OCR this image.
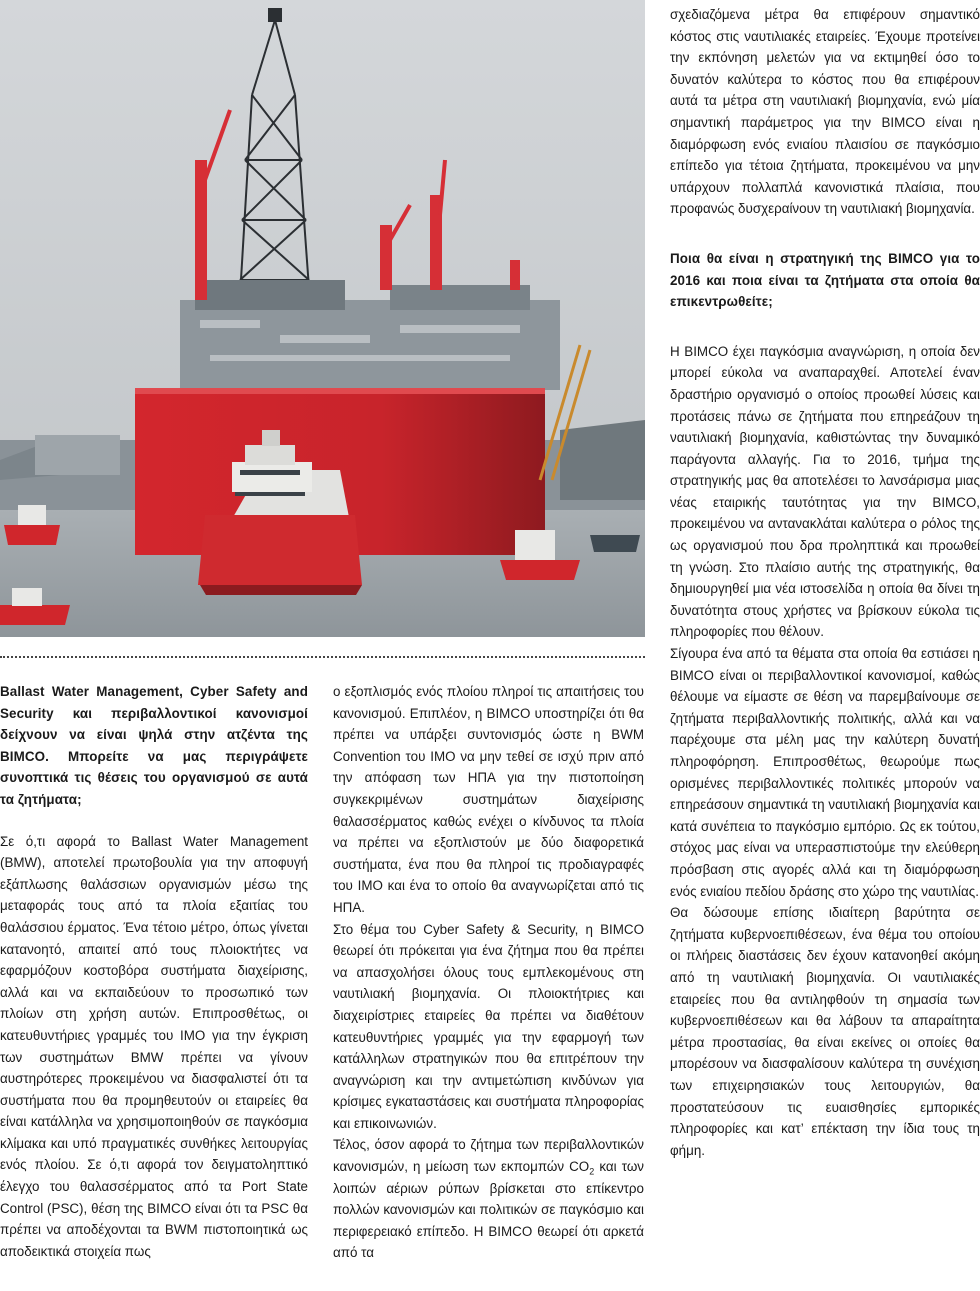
Ballast Water Management, Cyber Safety and Security και περιβαλλοντικοί κανονισμοί δείχνουν να είναι ψηλά στην ατζέντα της BIMCO. Μπορείτε να μας περιγράψετε συνοπτικά τις θέσεις του οργανισμού σε αυτά τα ζητήματα;

Σε ό,τι αφορά το Ballast Water Management (BMW), αποτελεί πρωτοβουλία για την αποφυγή εξάπλωσης θαλάσσιων οργανισμών μέσω της μεταφοράς τους από τα πλοία εξαιτίας του θαλάσσιου έρματος. Ένα τέτοιο μέτρο, όπως γίνεται κατανοητό, απαιτεί από τους πλοιοκτήτες να εφαρμόζουν κοστοβόρα συστήματα διαχείρισης, αλλά και να εκπαιδεύουν το προσωπικό των πλοίων στη χρήση αυτών. Επιπροσθέτως, οι κατευθυντήριες γραμμές του IMO για την έγκριση των συστημάτων BMW πρέπει να γίνουν αυστηρότερες προκειμένου να διασφαλιστεί ότι τα συστήματα που θα προμηθευτούν οι εταιρείες θα είναι κατάλληλα να χρησιμοποιηθούν σε παγκόσμια κλίμακα και υπό πραγματικές συνθήκες λειτουργίας ενός πλοίου. Σε ό,τι αφορά τον δειγματοληπτικό έλεγχο του θαλασσέρματος από τα Port State Control (PSC), θέση της BIMCO είναι ότι τα PSC θα πρέπει να αποδέχονται τα BWM πιστοποιητικά ως αποδεικτικά στοιχεία πως

ο εξοπλισμός ενός πλοίου πληροί τις απαιτήσεις του κανονισμού. Επιπλέον, η BIMCO υποστηρίζει ότι θα πρέπει να υπάρξει συντονισμός ώστε η BWM Convention του IMO να μην τεθεί σε ισχύ πριν από την απόφαση των ΗΠΑ για την πιστοποίηση συγκεκριμένων συστημάτων διαχείρισης θαλασσέρματος καθώς ενέχει ο κίνδυνος τα πλοία να πρέπει να εξοπλιστούν με δύο διαφορετικά συστήματα, ένα που θα πληροί τις προδιαγραφές του IMO και ένα το οποίο θα αναγνωρίζεται από τις ΗΠΑ.

Στο θέμα του Cyber Safety & Security, η BIMCO θεωρεί ότι πρόκειται για ένα ζήτημα που θα πρέπει να απασχολήσει όλους τους εμπλεκομένους στη ναυτιλιακή βιομηχανία. Οι πλοιοκτήτριες και διαχειρίστριες εταιρείες θα πρέπει να διαθέτουν κατευθυντήριες γραμμές για την εφαρμογή των κατάλληλων στρατηγικών που θα επιτρέπουν την αναγνώριση και την αντιμετώπιση κινδύνων για κρίσιμες εγκαταστάσεις και συστήματα πληροφορίας και επικοινωνιών.

Τέλος, όσον αφορά το ζήτημα των περιβαλλοντικών κανονισμών, η μείωση των εκπομπών $CO_2$ και των λοιπών αέριων ρύπων βρίσκεται στο επίκεντρο πολλών κανονισμών και πολιτικών σε παγκόσμιο και περιφερειακό επίπεδο. Η BIMCO θεωρεί ότι αρκετά από τα

σχεδιαζόμενα μέτρα θα επιφέρουν σημαντικό κόστος στις ναυτιλιακές εταιρείες. Έχουμε προτείνει την εκπόνηση μελετών για να εκτιμηθεί όσο το δυνατόν καλύτερα το κόστος που θα επιφέρουν αυτά τα μέτρα στη ναυτιλιακή βιομηχανία, ενώ μία σημαντική παράμετρος για την BIMCO είναι η διαμόρφωση ενός ενιαίου πλαισίου σε παγκόσμιο επίπεδο για τέτοια ζητήματα, προκειμένου να μην υπάρχουν πολλαπλά κανονιστικά πλαίσια, που προφανώς δυσχεραίνουν τη ναυτιλιακή βιομηχανία.

Ποια θα είναι η στρατηγική της BIMCO για το 2016 και ποια είναι τα ζητήματα στα οποία θα επικεντρωθείτε;

Η BIMCO έχει παγκόσμια αναγνώριση, η οποία δεν μπορεί εύκολα να αναπαραχθεί. Αποτελεί έναν δραστήριο οργανισμό ο οποίος προωθεί λύσεις και προτάσεις πάνω σε ζητήματα που επηρεάζουν τη ναυτιλιακή βιομηχανία, καθιστώντας την δυναμικό παράγοντα αλλαγής. Για το 2016, τμήμα της στρατηγικής μας θα αποτελέσει το λανσάρισμα μιας νέας εταιρικής ταυτότητας για την BIMCO, προκειμένου να αντανακλάται καλύτερα ο ρόλος της ως οργανισμού που δρα προληπτικά και προωθεί τη γνώση. Στο πλαίσιο αυτής της στρατηγικής, θα δημιουργηθεί μια νέα ιστοσελίδα η οποία θα δίνει τη δυνατότητα στους χρήστες να βρίσκουν εύκολα τις πληροφορίες που θέλουν.

Σίγουρα ένα από τα θέματα στα οποία θα εστιάσει η BIMCO είναι οι περιβαλλοντικοί κανονισμοί, καθώς θέλουμε να είμαστε σε θέση να παρεμβαίνουμε σε ζητήματα περιβαλλοντικής πολιτικής, αλλά και να παρέχουμε στα μέλη μας την καλύτερη δυνατή πληροφόρηση. Επιπροσθέτως, θεωρούμε πως ορισμένες περιβαλλοντικές πολιτικές μπορούν να επηρεάσουν σημαντικά τη ναυτιλιακή βιομηχανία και κατά συνέπεια το παγκόσμιο εμπόριο. Ως εκ τούτου, στόχος μας είναι να υπερασπιστούμε την ελεύθερη πρόσβαση στις αγορές αλλά και τη διαμόρφωση ενός ενιαίου πεδίου δράσης στο χώρο της ναυτιλίας.

Θα δώσουμε επίσης ιδιαίτερη βαρύτητα σε ζητήματα κυβερνοεπιθέσεων, ένα θέμα του οποίου οι πλήρεις διαστάσεις δεν έχουν κατανοηθεί ακόμη από τη ναυτιλιακή βιομηχανία. Οι ναυτιλιακές εταιρείες που θα αντιληφθούν τη σημασία των κυβερνοεπιθέσεων και θα λάβουν τα απαραίτητα μέτρα προστασίας, θα είναι εκείνες οι οποίες θα μπορέσουν να διασφαλίσουν καλύτερα τη συνέχιση των επιχειρησιακών τους λειτουργιών, θα προστατεύσουν τις ευαισθησίες εμπορικές πληροφορίες και κατ’ επέκταση την ίδια τους τη φήμη.
